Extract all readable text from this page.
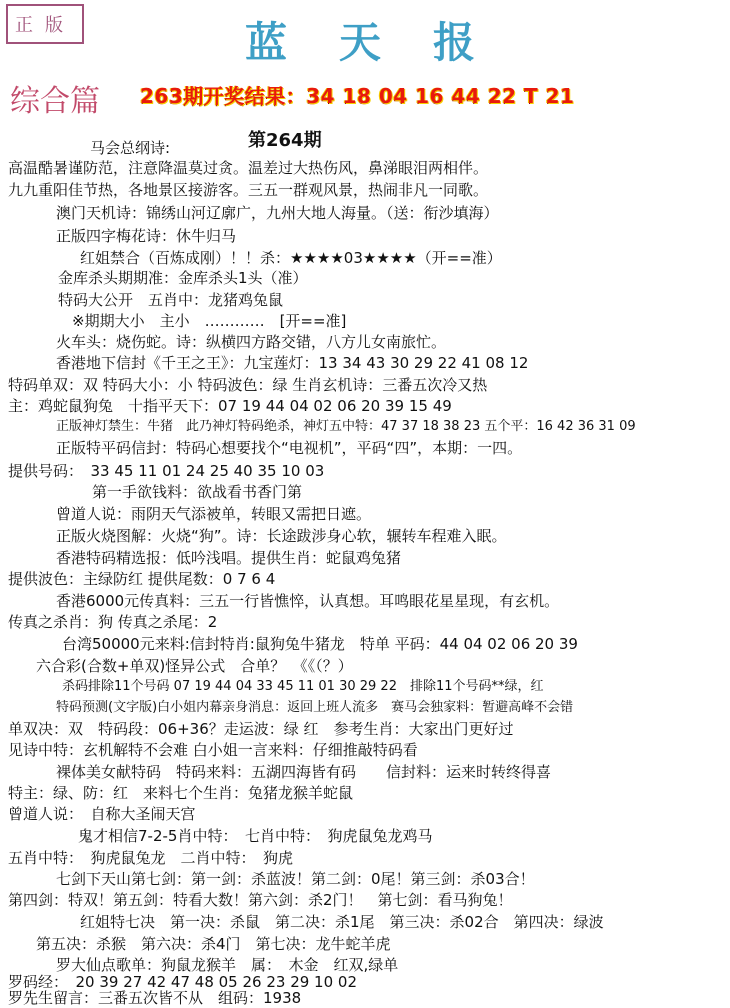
正版	蓝天报
综合篇 263期开奖结果：34 18 04 16 44 22 T 21
马会总纲诗:	第264期
高温酷暑谨防范，注意降温莫过贪。温差过大热伤风，鼻涕眼泪两相伴。
九九重阳佳节热，各地景区接游客。三五一群观风景，热闹非凡一同歌。
澳门天机诗：锦绣山河辽廓广，九州大地人海量。（送：衔沙填海）
正版四字梅花诗：休牛归马
红姐禁合（百炼成刚）！！杀：★★★★03★★★★（开==准）
金库杀头期期准：金库杀头1头（准）
特码大公开　五肖中：龙猪鸡兔鼠
※期期大小　主小　…………　[开==准]
火车头：烧伤蛇。诗：纵横四方路交错，八方儿女南旅忙。
香港地下信封《千王之王》：九宝莲灯：13 34 43 30 29 22 41 08 12
特码单双：双 特码大小：小 特码波色：绿 生肖玄机诗：三番五次冷又热
主：鸡蛇鼠狗兔　十指平天下：07 19 44 04 02 06 20 39 15 49
正版神灯禁生：牛猪　此乃神灯特码绝杀，神灯五中特：47 37 18 38 23 五个平：16 42 36 31 09
正版特平码信封：特码心想要找个“电视机”，平码“四”，本期：一四。
提供号码：　33 45 11 01 24 25 40 35 10 03
第一手欲钱料：欲战看书香门第
曾道人说：雨阴天气添被单，转眼又需把日遮。
正版火烧图解：火烧“狗”。诗：长途跋涉身心软，辗转车程难入眠。
香港特码精选报：低吟浅唱。提供生肖：蛇鼠鸡兔猪
提供波色：主绿防红 提供尾数：0 7 6 4
香港6000元传真料：三五一行皆憔悴，认真想。耳鸣眼花星星现，有玄机。
传真之杀肖：狗 传真之杀尾：2
台湾50000元来料:信封特肖:鼠狗兔牛猪龙　特单 平码：44 04 02 06 20 39
六合彩(合数+单双)怪异公式　合单？　《《（？）
杀码排除11个号码 07 19 44 04 33 45 11 01 30 29 22　排除11个号码**绿，红
特码预测(文字版)白小姐内幕亲身消息：返回上班人流多　赛马会独家料：暂避高峰不会错
单双决：双　特码段：06+36？走运波：绿 红　参考生肖：大家出门更好过
见诗中特：玄机解特不会难 白小姐一言来料：仔细推敲特码看
裸体美女献特码　特码来料：五湖四海皆有码　　信封料：运来时转终得喜
特主：绿、防：红　来料七个生肖：兔猪龙猴羊蛇鼠
曾道人说：　自称大圣闹天宫
鬼才相信7-2-5肖中特：　七肖中特：　狗虎鼠兔龙鸡马
五肖中特：　狗虎鼠兔龙　二肖中特：　狗虎
七剑下天山第七剑：第一剑：杀蓝波！第二剑：0尾！第三剑：杀03合！
第四剑：特双！第五剑：特看大数！第六剑：杀2门！　第七剑：看马狗兔！
红姐特七决　第一决：杀鼠　第二决：杀1尾　第三决：杀02合　第四决：绿波
第五决：杀猴　第六决：杀4门　第七决：龙牛蛇羊虎
罗大仙点歌单：狗鼠龙猴羊　属：　木金　红双,绿单
罗码经：　20 39 27 42 47 48 05 26 23 29 10 02
罗先生留言：三番五次皆不从　组码：1938
